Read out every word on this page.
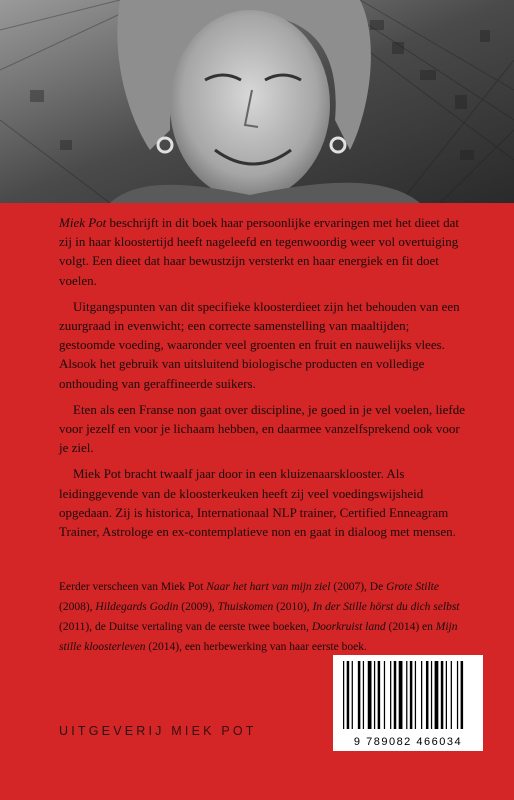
Miek Pot beschrijft in dit boek haar persoonlijke ervaringen met het dieet dat zij in haar kloostertijd heeft nageleefd en tegenwoordig weer vol overtuiging volgt. Een dieet dat haar bewustzijn versterkt en haar energiek en fit doet voelen.

Uitgangspunten van dit specifieke kloosterdieet zijn het behouden van een zuurgraad in evenwicht; een correcte samenstelling van maaltijden; gestoomde voeding, waaronder veel groenten en fruit en nauwelijks vlees. Alsook het gebruik van uitsluitend biologische producten en volledige onthouding van geraffineerde suikers.

Eten als een Franse non gaat over discipline, je goed in je vel voelen, liefde voor jezelf en voor je lichaam hebben, en daarmee vanzelfsprekend ook voor je ziel.

Miek Pot bracht twaalf jaar door in een kluizenaarsklooster. Als leidinggevende van de kloosterkeuken heeft zij veel voedingswijsheid opgedaan. Zij is historica, Internationaal NLP trainer, Certified Enneagram Trainer, Astrologe en ex-contemplatieve non en gaat in dialoog met mensen.

Eerder verscheen van Miek Pot Naar het hart van mijn ziel (2007), De Grote Stilte (2008), Hildegards Godin (2009), Thuiskomen (2010), In der Stille hörst du dich selbst (2011), de Duitse vertaling van de eerste twee boeken, Doorkruist land (2014) en Mijn stille kloosterleven (2014), een herbewerking van haar eerste boek.
UITGEVERIJ MIEK POT
9 789082 466034
